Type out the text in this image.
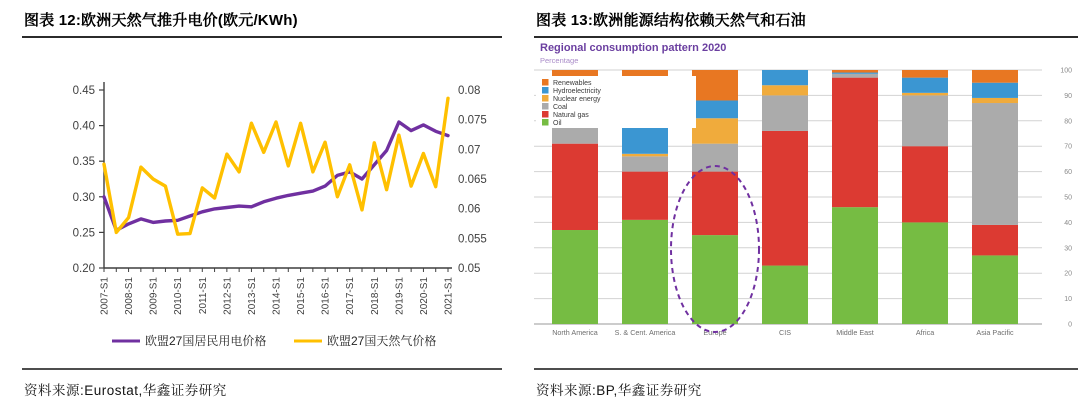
图表 12:欧洲天然气推升电价(欧元/KWh)
0.45
0.40
0.35
0.30
0.25
0.20
0.08
0.075
0.07
0.065
0.06
0.055
0.05
2007-S1 2008-S1 2009-S1 2010-S1 2011-S1 2012-S1 2013-S1 2014-S1 2015-S1 2016-S1 2017-S1 2018-S1 2019-S1 2020-S1 2021-S1
欧盟27国居民用电价格	欧盟27国天然气价格
资料来源:Eurostat,华鑫证券研究
图表 13:欧洲能源结构依赖天然气和石油
Regional consumption pattern 2020
Percentage
100
90
80
70
60
50
40
30
20
10
0
North America S. & Cent. America	Europe	CIS	Middle East	Africa	Asia Pacific
Renewables
Hydroelectricity
Nuclear energy
Coal
Natural gas
Oil
资料来源:BP,华鑫证券研究
